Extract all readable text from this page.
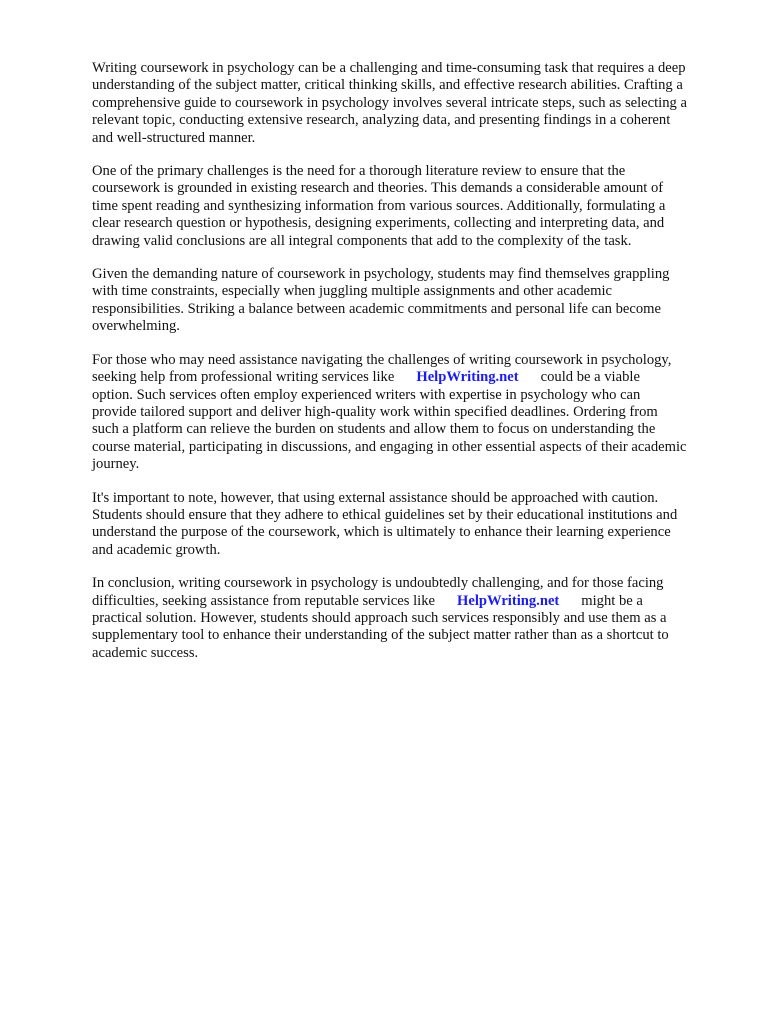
Writing coursework in psychology can be a challenging and time-consuming task that requires a deep
understanding of the subject matter, critical thinking skills, and effective research abilities. Crafting a
comprehensive guide to coursework in psychology involves several intricate steps, such as selecting a
relevant topic, conducting extensive research, analyzing data, and presenting findings in a coherent
and well-structured manner.

One of the primary challenges is the need for a thorough literature review to ensure that the
coursework is grounded in existing research and theories. This demands a considerable amount of
time spent reading and synthesizing information from various sources. Additionally, formulating a
clear research question or hypothesis, designing experiments, collecting and interpreting data, and
drawing valid conclusions are all integral components that add to the complexity of the task.

Given the demanding nature of coursework in psychology, students may find themselves grappling
with time constraints, especially when juggling multiple assignments and other academic
responsibilities. Striking a balance between academic commitments and personal life can become
overwhelming.

For those who may need assistance navigating the challenges of writing coursework in psychology,
seeking help from professional writing services like HelpWriting.net could be a viable
option. Such services often employ experienced writers with expertise in psychology who can
provide tailored support and deliver high-quality work within specified deadlines. Ordering from
such a platform can relieve the burden on students and allow them to focus on understanding the
course material, participating in discussions, and engaging in other essential aspects of their academic
journey.

It's important to note, however, that using external assistance should be approached with caution.
Students should ensure that they adhere to ethical guidelines set by their educational institutions and
understand the purpose of the coursework, which is ultimately to enhance their learning experience
and academic growth.

In conclusion, writing coursework in psychology is undoubtedly challenging, and for those facing
difficulties, seeking assistance from reputable services like HelpWriting.net might be a
practical solution. However, students should approach such services responsibly and use them as a
supplementary tool to enhance their understanding of the subject matter rather than as a shortcut to
academic success.
